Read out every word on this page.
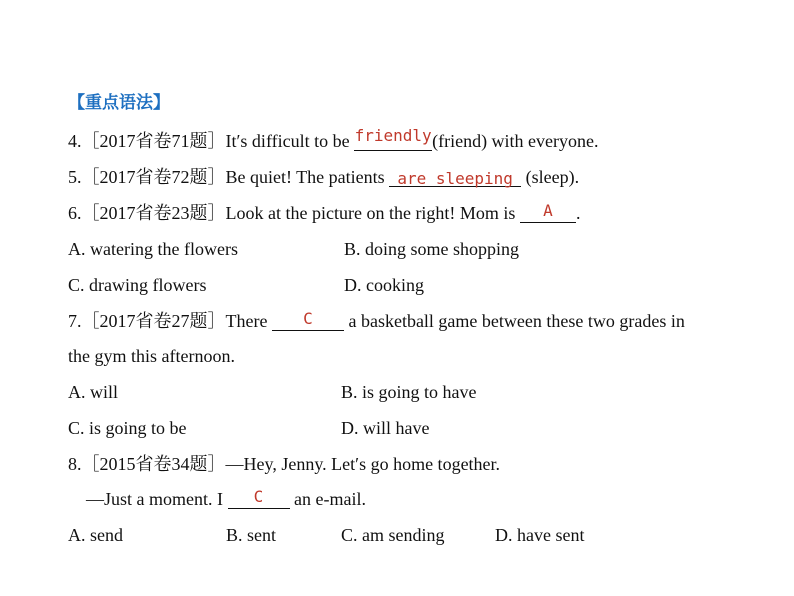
【重点语法】
4.［2017省卷71题］It′s difficult to be friendly(friend) with everyone.
5.［2017省卷72题］Be quiet! The patients are sleeping (sleep).
6.［2017省卷23题］Look at the picture on the right! Mom is A .
A. watering the flowers	B. doing some shopping
C. drawing flowers	D. cooking
7.［2017省卷27题］There C a basketball game between these two grades in
the gym this afternoon.
A. will	B. is going to have
C. is going to be	D. will have
8.［2015省卷34题］—Hey, Jenny. Let′s go home together.
—Just a moment. I C an e-mail.
A. send	B. sent	C. am sending	D. have sent
